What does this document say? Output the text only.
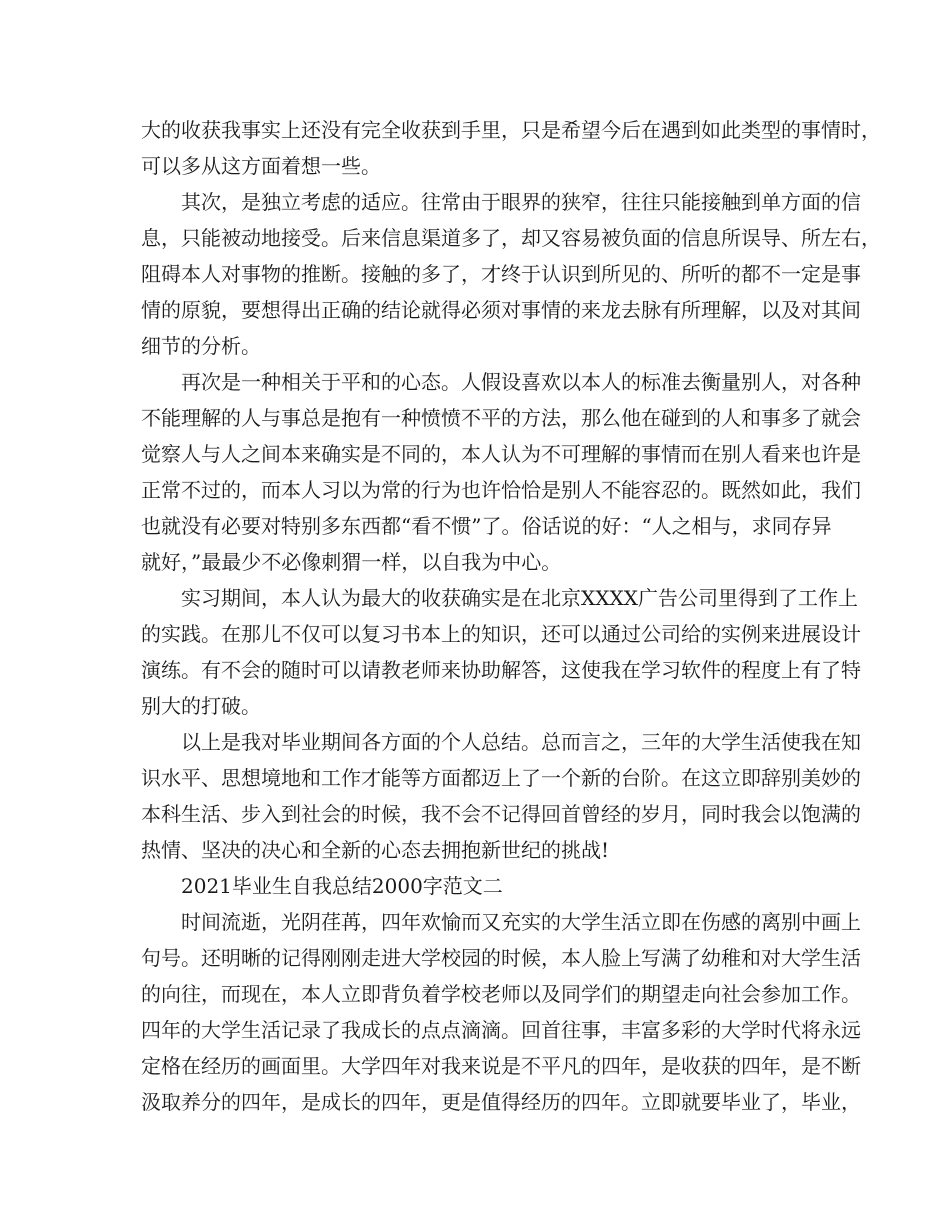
大的收获我事实上还没有完全收获到手里，只是希望今后在遇到如此类型的事情时，
可以多从这方面着想一些。
其次，是独立考虑的适应。往常由于眼界的狭窄，往往只能接触到单方面的信
息，只能被动地接受。后来信息渠道多了，却又容易被负面的信息所误导、所左右，
阻碍本人对事物的推断。接触的多了，才终于认识到所见的、所听的都不一定是事
情的原貌，要想得出正确的结论就得必须对事情的来龙去脉有所理解，以及对其间
细节的分析。
再次是一种相关于平和的心态。人假设喜欢以本人的标准去衡量别人，对各种
不能理解的人与事总是抱有一种愤愤不平的方法，那么他在碰到的人和事多了就会
觉察人与人之间本来确实是不同的，本人认为不可理解的事情而在别人看来也许是
正常不过的，而本人习以为常的行为也许恰恰是别人不能容忍的。既然如此，我们
也就没有必要对特别多东西都“看不惯”了。俗话说的好：“人之相与，求同存异
就好，”最最少不必像刺猬一样，以自我为中心。
实习期间，本人认为最大的收获确实是在北京XXXX广告公司里得到了工作上
的实践。在那儿不仅可以复习书本上的知识，还可以通过公司给的实例来进展设计
演练。有不会的随时可以请教老师来协助解答，这使我在学习软件的程度上有了特
别大的打破。
以上是我对毕业期间各方面的个人总结。总而言之，三年的大学生活使我在知
识水平、思想境地和工作才能等方面都迈上了一个新的台阶。在这立即辞别美妙的
本科生活、步入到社会的时候，我不会不记得回首曾经的岁月，同时我会以饱满的
热情、坚决的决心和全新的心态去拥抱新世纪的挑战!
2021毕业生自我总结2000字范文二
时间流逝，光阴荏苒，四年欢愉而又充实的大学生活立即在伤感的离别中画上
句号。还明晰的记得刚刚走进大学校园的时候，本人脸上写满了幼稚和对大学生活
的向往，而现在，本人立即背负着学校老师以及同学们的期望走向社会参加工作。
四年的大学生活记录了我成长的点点滴滴。回首往事，丰富多彩的大学时代将永远
定格在经历的画面里。大学四年对我来说是不平凡的四年，是收获的四年，是不断
汲取养分的四年，是成长的四年，更是值得经历的四年。立即就要毕业了，毕业，
